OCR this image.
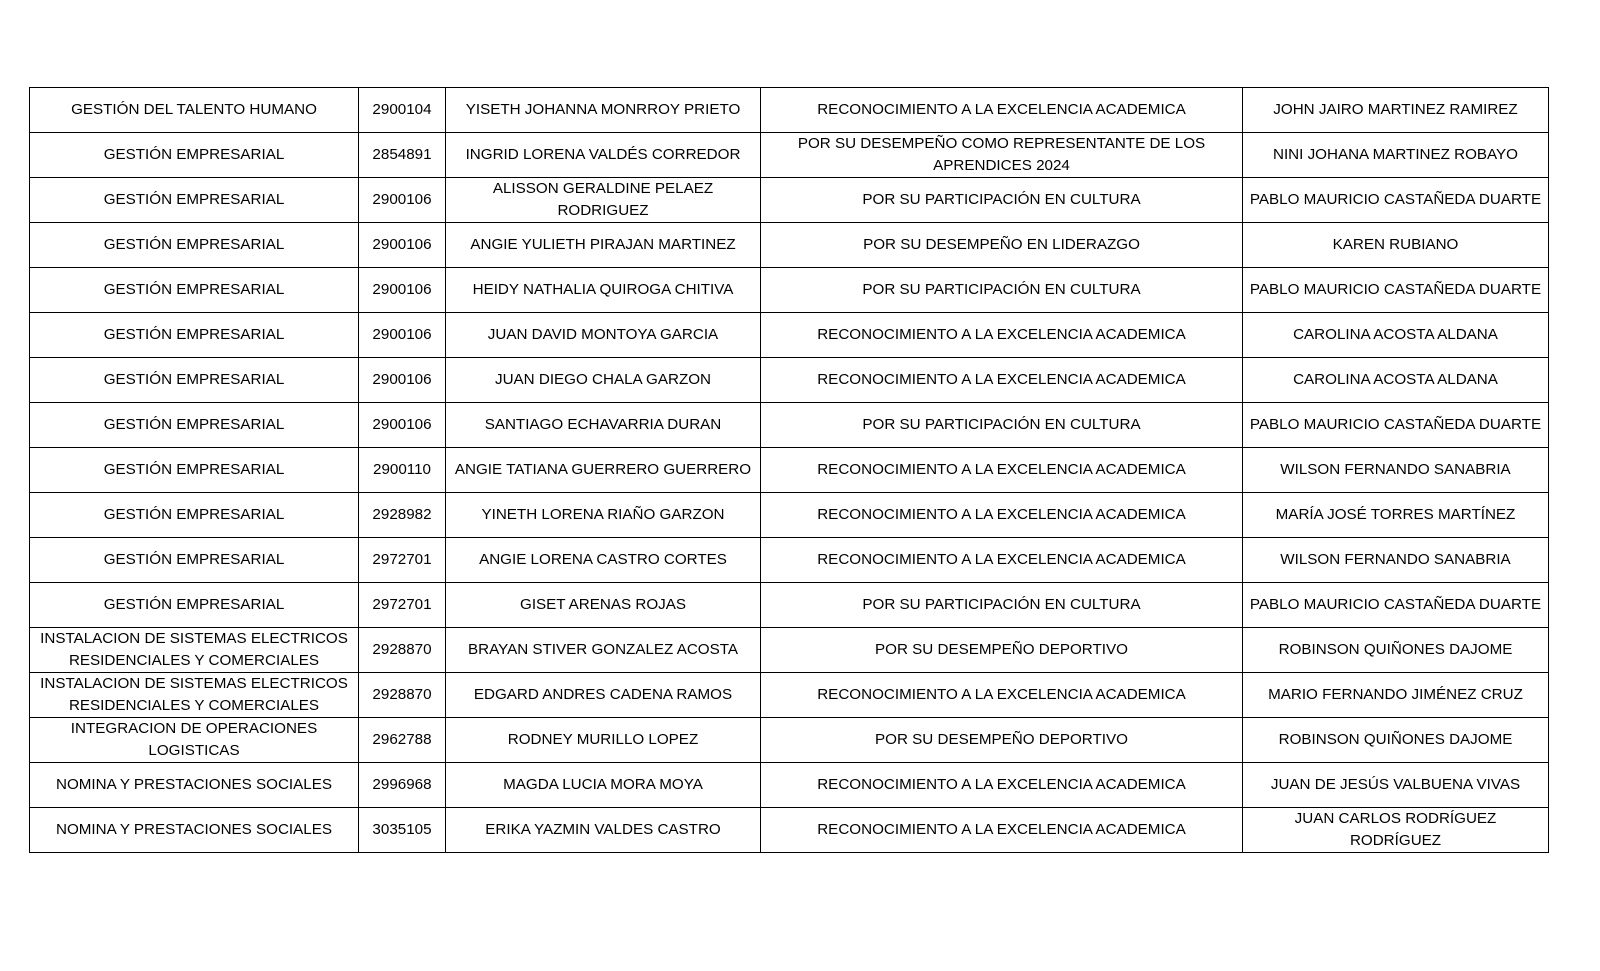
GESTIÓN DEL TALENTO HUMANO	2900104	YISETH JOHANNA MONRROY PRIETO	RECONOCIMIENTO A LA EXCELENCIA ACADEMICA	JOHN JAIRO MARTINEZ RAMIREZ
GESTIÓN EMPRESARIAL	2854891	INGRID LORENA VALDÉS CORREDOR	POR SU DESEMPEÑO COMO REPRESENTANTE DE LOS APRENDICES 2024	NINI JOHANA MARTINEZ ROBAYO
GESTIÓN EMPRESARIAL	2900106	ALISSON GERALDINE PELAEZ RODRIGUEZ	POR SU PARTICIPACIÓN EN CULTURA	PABLO MAURICIO CASTAÑEDA DUARTE
GESTIÓN EMPRESARIAL	2900106	ANGIE YULIETH PIRAJAN MARTINEZ	POR SU DESEMPEÑO EN LIDERAZGO	KAREN RUBIANO
GESTIÓN EMPRESARIAL	2900106	HEIDY NATHALIA QUIROGA CHITIVA	POR SU PARTICIPACIÓN EN CULTURA	PABLO MAURICIO CASTAÑEDA DUARTE
GESTIÓN EMPRESARIAL	2900106	JUAN DAVID MONTOYA GARCIA	RECONOCIMIENTO A LA EXCELENCIA ACADEMICA	CAROLINA ACOSTA ALDANA
GESTIÓN EMPRESARIAL	2900106	JUAN DIEGO CHALA GARZON	RECONOCIMIENTO A LA EXCELENCIA ACADEMICA	CAROLINA ACOSTA ALDANA
GESTIÓN EMPRESARIAL	2900106	SANTIAGO ECHAVARRIA DURAN	POR SU PARTICIPACIÓN EN CULTURA	PABLO MAURICIO CASTAÑEDA DUARTE
GESTIÓN EMPRESARIAL	2900110	ANGIE TATIANA GUERRERO GUERRERO	RECONOCIMIENTO A LA EXCELENCIA ACADEMICA	WILSON FERNANDO SANABRIA
GESTIÓN EMPRESARIAL	2928982	YINETH LORENA RIAÑO GARZON	RECONOCIMIENTO A LA EXCELENCIA ACADEMICA	MARÍA JOSÉ TORRES MARTÍNEZ
GESTIÓN EMPRESARIAL	2972701	ANGIE LORENA CASTRO CORTES	RECONOCIMIENTO A LA EXCELENCIA ACADEMICA	WILSON FERNANDO SANABRIA
GESTIÓN EMPRESARIAL	2972701	GISET ARENAS ROJAS	POR SU PARTICIPACIÓN EN CULTURA	PABLO MAURICIO CASTAÑEDA DUARTE
INSTALACION DE SISTEMAS ELECTRICOS RESIDENCIALES Y COMERCIALES	2928870	BRAYAN STIVER GONZALEZ ACOSTA	POR SU DESEMPEÑO DEPORTIVO	ROBINSON QUIÑONES DAJOME
INSTALACION DE SISTEMAS ELECTRICOS RESIDENCIALES Y COMERCIALES	2928870	EDGARD ANDRES CADENA RAMOS	RECONOCIMIENTO A LA EXCELENCIA ACADEMICA	MARIO FERNANDO JIMÉNEZ CRUZ
INTEGRACION DE OPERACIONES LOGISTICAS	2962788	RODNEY MURILLO LOPEZ	POR SU DESEMPEÑO DEPORTIVO	ROBINSON QUIÑONES DAJOME
NOMINA Y PRESTACIONES SOCIALES	2996968	MAGDA LUCIA MORA MOYA	RECONOCIMIENTO A LA EXCELENCIA ACADEMICA	JUAN DE JESÚS VALBUENA VIVAS
NOMINA Y PRESTACIONES SOCIALES	3035105	ERIKA YAZMIN VALDES CASTRO	RECONOCIMIENTO A LA EXCELENCIA ACADEMICA	JUAN CARLOS RODRÍGUEZ RODRÍGUEZ
